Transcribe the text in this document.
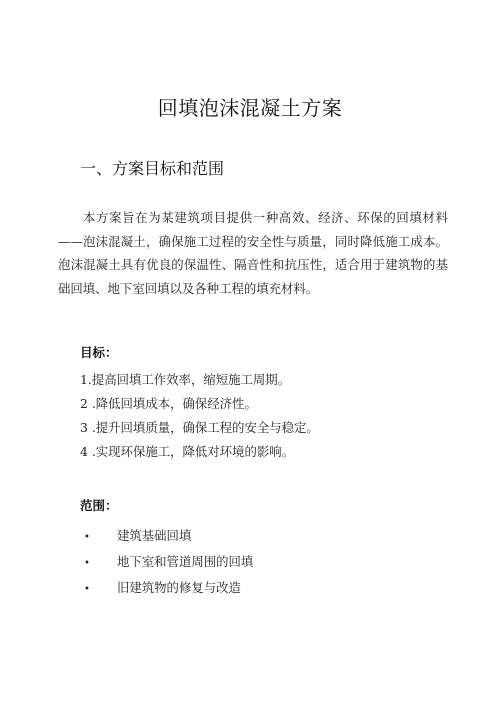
回填泡沫混凝土方案
一、方案目标和范围

本方案旨在为某建筑项目提供一种高效、经济、环保的回填材料——泡沫混凝土，确保施工过程的安全性与质量，同时降低施工成本。泡沫混凝土具有优良的保温性、隔音性和抗压性，适合用于建筑物的基础回填、地下室回填以及各种工程的填充材料。

目标：
1.提高回填工作效率，缩短施工周期。
2 .降低回填成本，确保经济性。
3 .提升回填质量，确保工程的安全与稳定。
4 .实现环保施工，降低对环境的影响。
范围：
• 建筑基础回填
• 地下室和管道周围的回填
• 旧建筑物的修复与改造
